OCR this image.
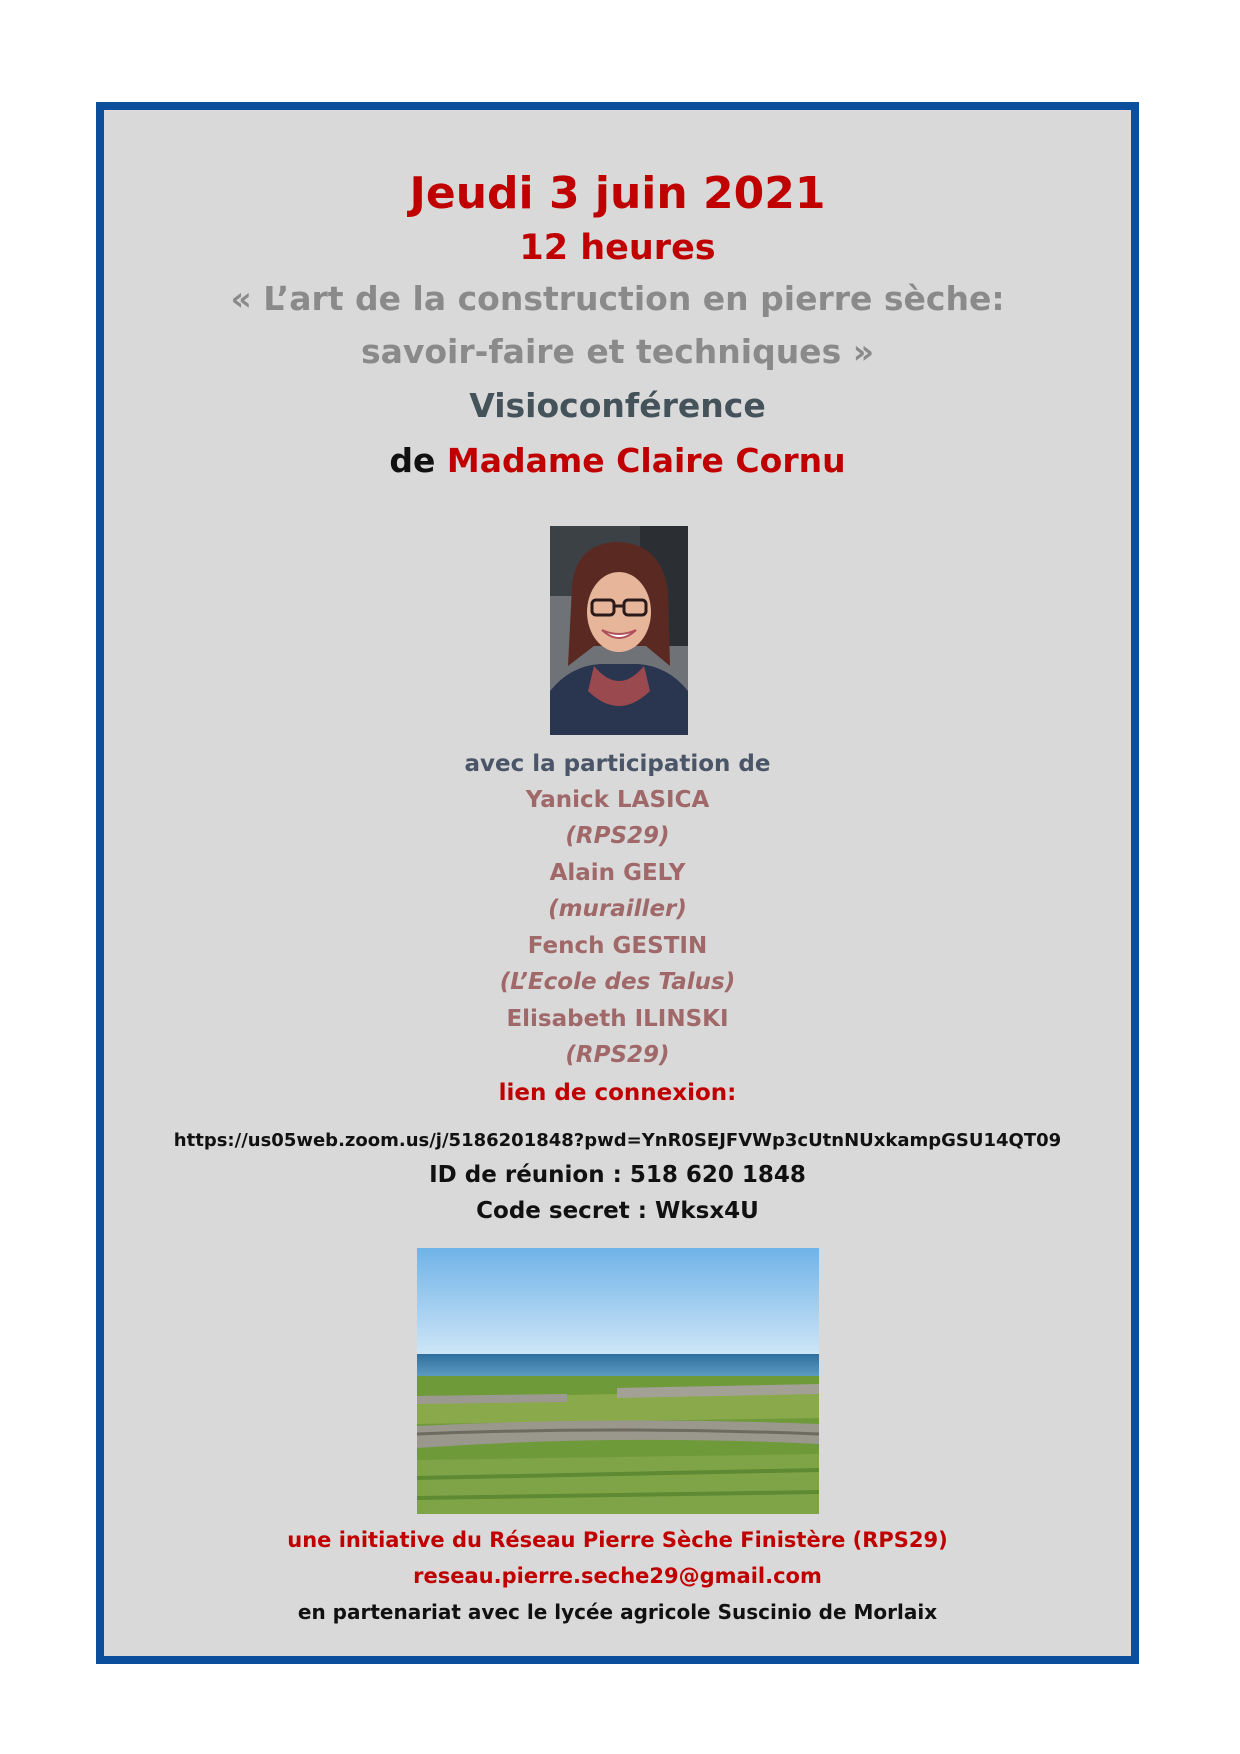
Jeudi 3 juin 2021
12 heures
« L’art de la construction en pierre sèche:
savoir-faire et techniques »
Visioconférence
de Madame Claire Cornu
avec la participation de
Yanick LASICA
(RPS29)
Alain GELY
(murailler)
Fench GESTIN
(L’Ecole des Talus)
Elisabeth ILINSKI
(RPS29)
lien de connexion:
https://us05web.zoom.us/j/5186201848?pwd=YnR0SEJFVWp3cUtnNUxkampGSU14QT09
ID de réunion : 518 620 1848
Code secret : Wksx4U
une initiative du Réseau Pierre Sèche Finistère (RPS29)
reseau.pierre.seche29@gmail.com
en partenariat avec le lycée agricole Suscinio de Morlaix
